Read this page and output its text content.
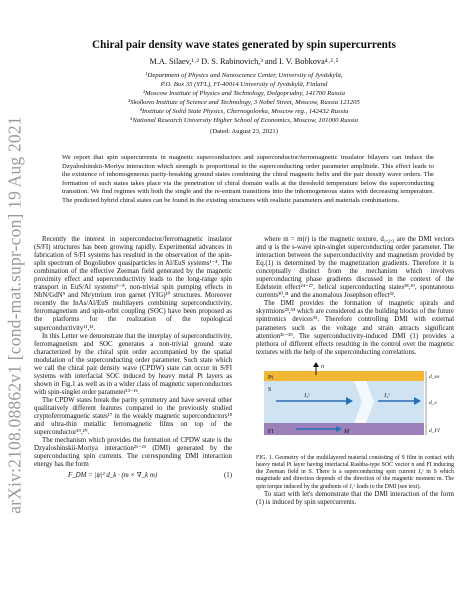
arXiv:2108.08862v1 [cond-mat.supr-con] 19 Aug 2021
Chiral pair density wave states generated by spin supercurrents
M.A. Silaev,¹˒² D. S. Rabinovich,³ and I. V. Bobkova⁴˒²˒⁵
¹Department of Physics and Nanoscience Center, University of Jyväskylä,
P.O. Box 35 (YFL), FI-40014 University of Jyväskylä, Finland
²Moscow Institute of Physics and Technology, Dolgoprudny, 141700 Russia
³Skolkovo Institute of Science and Technology, 3 Nobel Street, Moscow, Russia 121205
⁴Institute of Solid State Physics, Chernogolovka, Moscow reg., 142432 Russia
⁵National Research University Higher School of Economics, Moscow, 101000 Russia
(Dated: August 23, 2021)
We report that spin supercurrents in magnetic superconductors and superconductor/ferromagnetic insulator bilayers can induce the Dzyaloshinskii-Moriya interaction which strength is proportional to the superconducting order parameter amplitude. This effect leads to the existence of inhomogeneous parity-breaking ground states combining the chiral magnetic helix and the pair density wave orders. The formation of such states takes place via the penetration of chiral domain walls at the threshold temperature below the superconducting transition. We find regimes with both the single and the re-entrant transitions into the inhomogeneous states with decreasing temperature. The predicted hybrid chiral states can be found in the existing structures with realistic parameters and materials combinations.

Recently the interest in superconductor/ferromagnetic insulator (S/FI) structures has been growing rapidly. Experimental advances in fabrication of S/FI systems has resulted in the observation of the spin-split spectrum of Bogoliubov quasiparticles in Al/EuS systems¹⁻⁴. The combination of the effective Zeeman field generated by the magnetic proximity effect and superconductivity leads to the long-range spin transport in EuS/Al systems⁵⁻⁸, non-trivial spin pumping effects in NbN/GdN⁹ and Nb/yttrium iron garnet (YIG)¹⁰ structures. Moreover recently the InAs/Al/EuS multilayers combining superconductivity, ferromagnetism and spin-orbit coupling (SOC) have been proposed as the platforms for the realization of the topological superconductivity¹¹,¹².

In this Letter we demonstrate that the interplay of superconductivity, ferromagnetism and SOC generates a non-trivial ground state characterized by the chiral spin order accompanied by the spatial modulation of the superconducting order parameter. Such state which we call the chiral pair density wave (CPDW) state can occur in S/FI systems with interfacial SOC induced by heavy metal Pt layers as shown in Fig.1 as well as in a wider class of magnetic superconductors with spin-singlet order parameter¹³⁻¹⁶.

The CPDW states break the parity symmetry and have several other qualitatively different features compared to the previously studied cryptoferromagnetic states¹⁷ in the weakly magnetic superconductors¹⁸ and ultra-thin metallic ferromagnetic films on top of the superconductor¹⁹,²⁰.

The mechanism which provides the formation of CPDW state is the Dzyaloshinskii-Moriya interaction²¹⁻²³ (DMI) generated by the superconducting spin currents. The corresponding DMI interaction energy has the form

F_DM = |ψ|² d_k · (m × ∇_k m)	(1)

where m = m(r) is the magnetic texture, d₁,₂,₃ are the DMI vectors and ψ is the s-wave spin-singlet superconducting order parameter. The interaction between the superconductivity and magnetism provided by Eq.(1) is determined by the magnetization gradients. Therefore it is conceptually distinct from the mechanism which involves superconducting phase gradients discussed in the context of the Edelstein effect²⁴⁻²⁷, helical superconducting states²⁸,²⁹, spontaneous currents³⁰,³¹ and the anomalous Josephson effect³².

The DMI provides the formation of magnetic spirals and skyrmions³³,³⁴ which are considered as the building blocks of the future spintronics devices³⁵. Therefore controlling DMI with external parameters such as the voltage and strain attracts significant attention³⁶⁻³⁹. The superconductivity-induced DMI (1) provides a plethora of different effects resulting in the control over the magnetic textures with the help of the superconducting correlations.

Pt
S
FI
n
J₃ˢ	J₁ˢ
M
d_so
d_s
d_FI
FIG. 1. Geometry of the multilayered material consisting of S film in contact with heavy metal Pt layer having interfacial Rashba-type SOC vector n and FI inducing the Zeeman field in S. There is a superconducting spin current J₃ˢ in S which magnitude and direction depends of the direction of the magnetic moment m. The spin torque induced by the gradients of J₁ˢ leads to the DMI (see text).

To start with let's demonstrate that the DMI interaction of the form (1) is induced by spin supercurrents.
